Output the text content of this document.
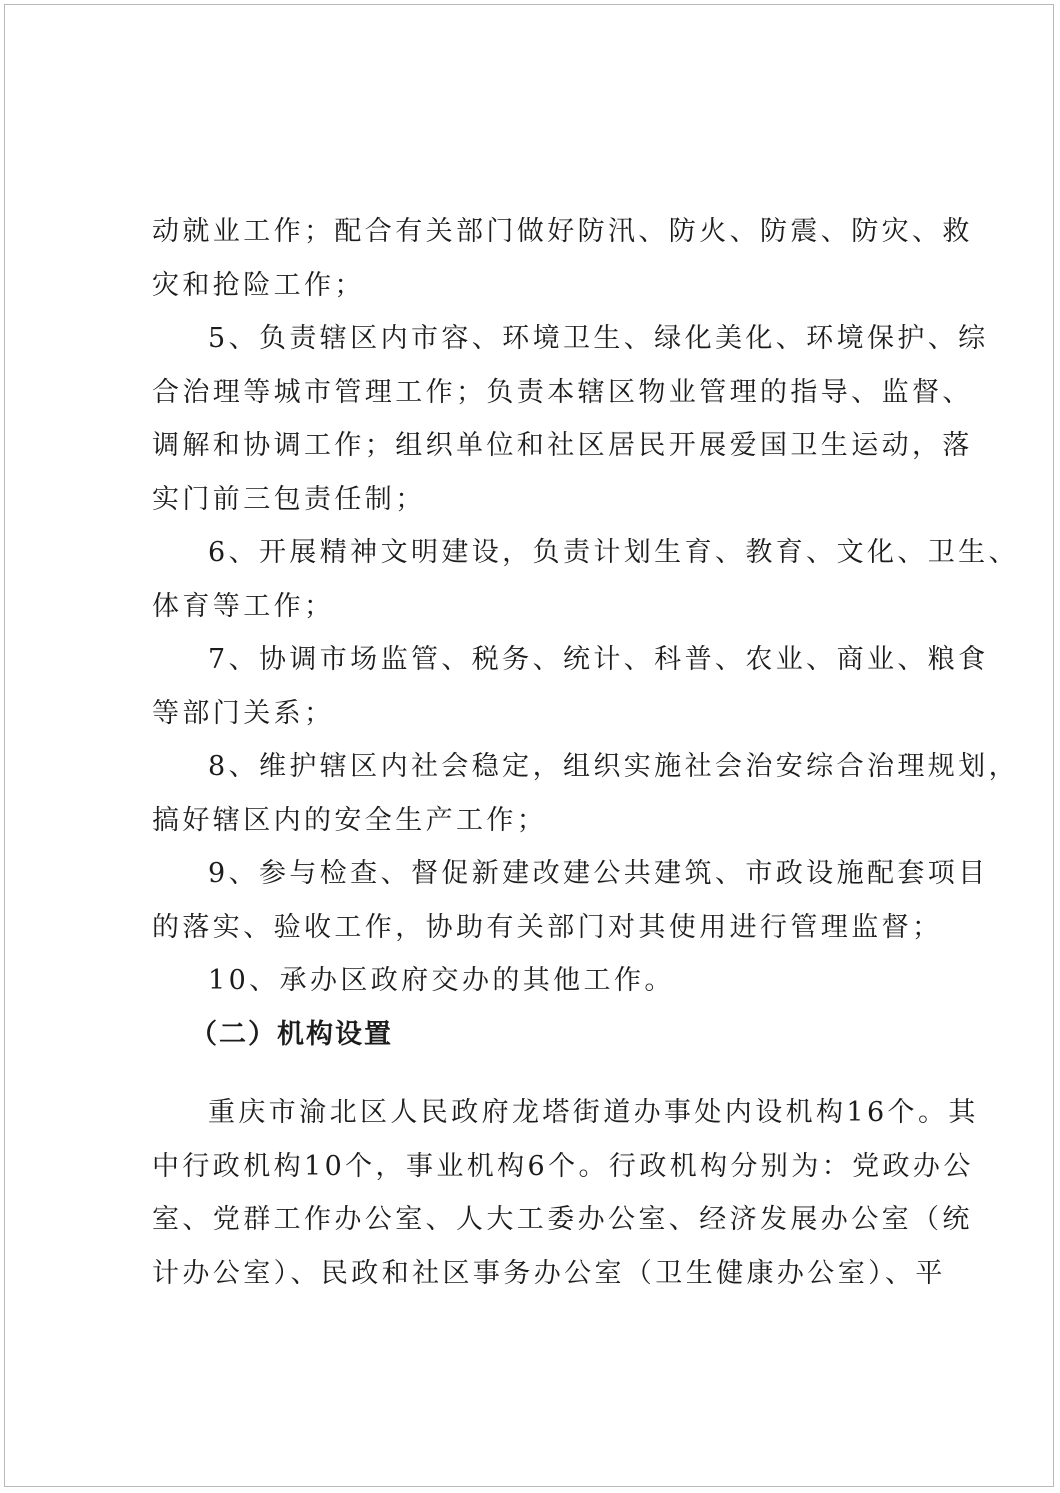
动就业工作；配合有关部门做好防汛、防火、防震、防灾、救
灾和抢险工作；
5、负责辖区内市容、环境卫生、绿化美化、环境保护、综
合治理等城市管理工作；负责本辖区物业管理的指导、监督、
调解和协调工作；组织单位和社区居民开展爱国卫生运动，落
实门前三包责任制；
6、开展精神文明建设，负责计划生育、教育、文化、卫生、
体育等工作；
7、协调市场监管、税务、统计、科普、农业、商业、粮食
等部门关系；
8、维护辖区内社会稳定，组织实施社会治安综合治理规划，
搞好辖区内的安全生产工作；
9、参与检查、督促新建改建公共建筑、市政设施配套项目
的落实、验收工作，协助有关部门对其使用进行管理监督；
10、承办区政府交办的其他工作。
（二）机构设置
重庆市渝北区人民政府龙塔街道办事处内设机构16个。其
中行政机构10个，事业机构6个。行政机构分别为：党政办公
室、党群工作办公室、人大工委办公室、经济发展办公室（统
计办公室）、民政和社区事务办公室（卫生健康办公室）、平
